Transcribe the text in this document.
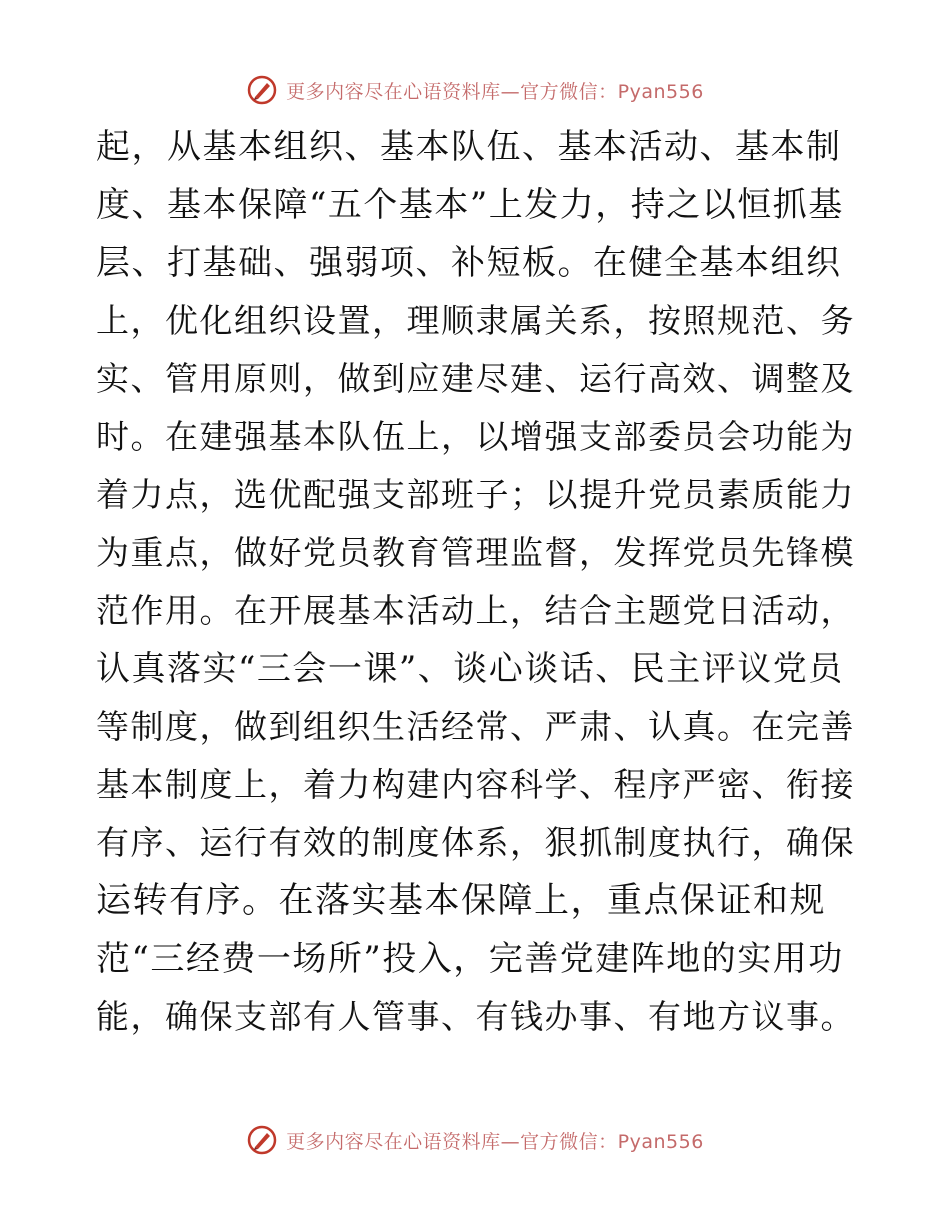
更多内容尽在心语资料库—官方微信：Pyan556
起，从基本组织、基本队伍、基本活动、基本制
度、基本保障“五个基本”上发力，持之以恒抓基
层、打基础、强弱项、补短板。在健全基本组织
上，优化组织设置，理顺隶属关系，按照规范、务
实、管用原则，做到应建尽建、运行高效、调整及
时。在建强基本队伍上，以增强支部委员会功能为
着力点，选优配强支部班子；以提升党员素质能力
为重点，做好党员教育管理监督，发挥党员先锋模
范作用。在开展基本活动上，结合主题党日活动，
认真落实“三会一课”、谈心谈话、民主评议党员
等制度，做到组织生活经常、严肃、认真。在完善
基本制度上，着力构建内容科学、程序严密、衔接
有序、运行有效的制度体系，狠抓制度执行，确保
运转有序。在落实基本保障上，重点保证和规
范“三经费一场所”投入，完善党建阵地的实用功
能，确保支部有人管事、有钱办事、有地方议事。
更多内容尽在心语资料库—官方微信：Pyan556
